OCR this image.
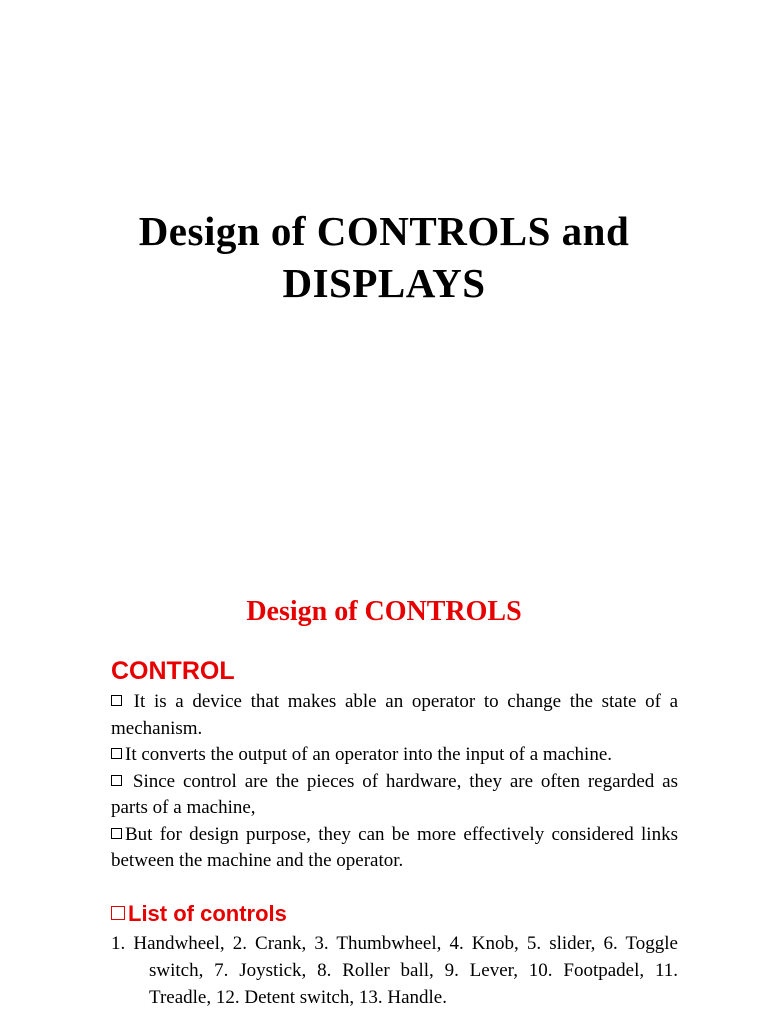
Design of CONTROLS and
DISPLAYS
Design of CONTROLS
CONTROL
It is a device that makes able an operator to change the state of a mechanism.
It converts the output of an operator into the input of a machine.
Since control are the pieces of hardware, they are often regarded as parts of a machine,
But for design purpose, they can be more effectively considered links between the machine and the operator.
List of controls

1. Handwheel, 2. Crank, 3. Thumbwheel, 4. Knob, 5. slider, 6. Toggle switch, 7. Joystick, 8. Roller ball, 9. Lever, 10. Footpadel, 11. Treadle, 12. Detent switch, 13. Handle.
